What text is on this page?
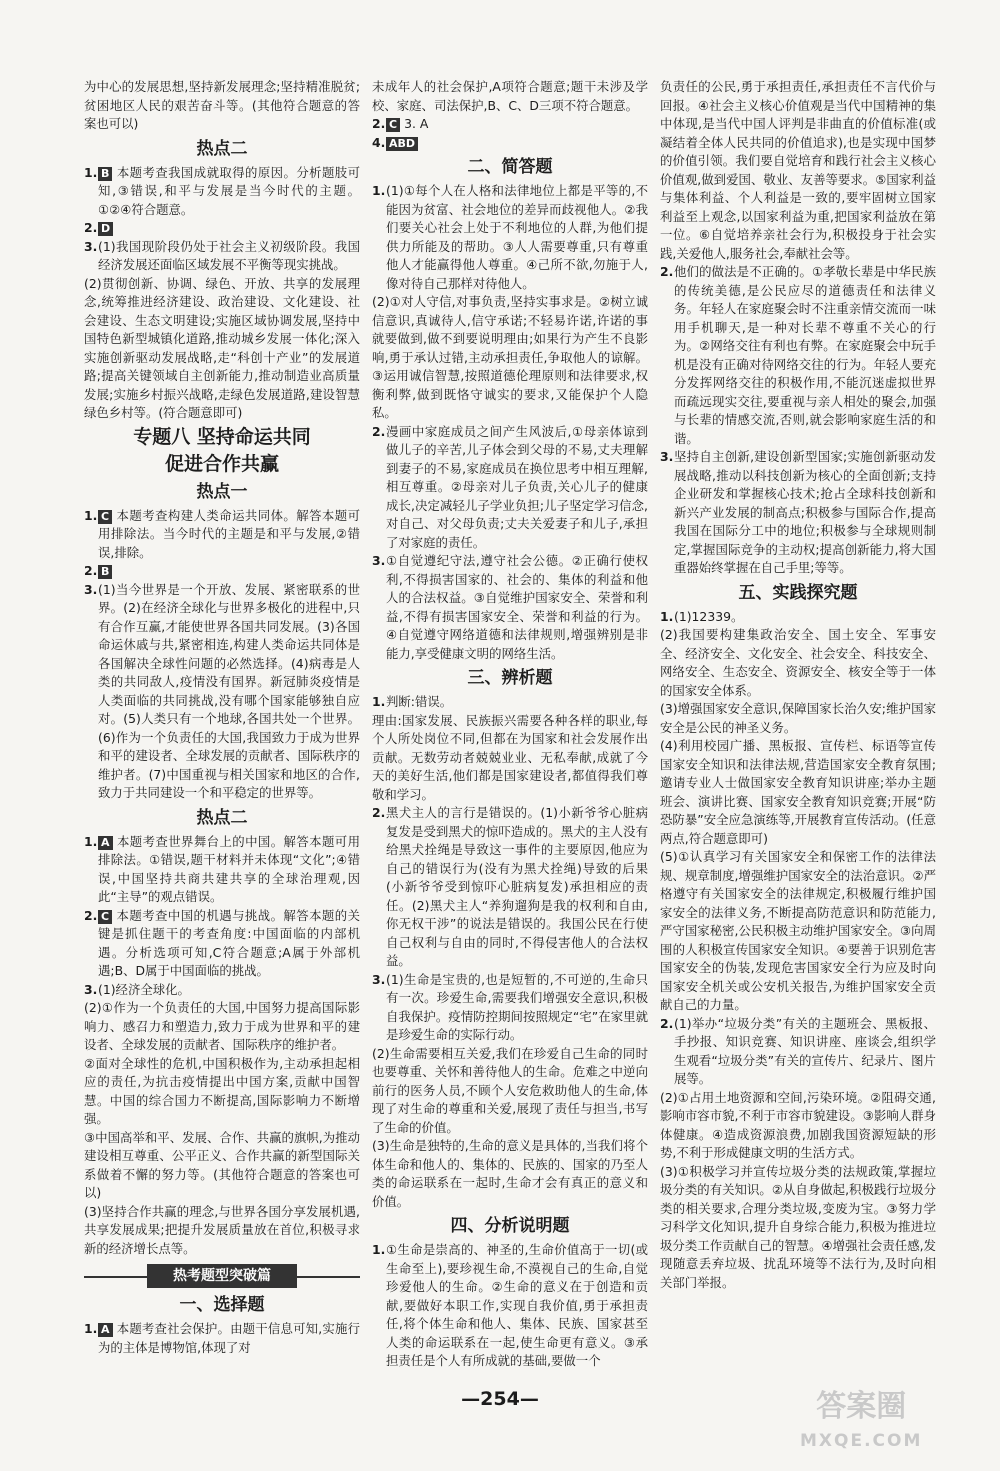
为中心的发展思想,坚持新发展理念;坚持精准脱贫;贫困地区人民的艰苦奋斗等。(其他符合题意的答案也可以)
热点二
1. B 本题考查我国成就取得的原因。分析题肢可知,③错误,和平与发展是当今时代的主题。①②④符合题意。
2. D
3. (1)我国现阶段仍处于社会主义初级阶段。我国经济发展还面临区域发展不平衡等现实挑战。
(2)贯彻创新、协调、绿色、开放、共享的发展理念,统筹推进经济建设、政治建设、文化建设、社会建设、生态文明建设;实施区域协调发展,坚持中国特色新型城镇化道路,推动城乡发展一体化;深入实施创新驱动发展战略,走“科创十产业”的发展道路;提高关键领域自主创新能力,推动制造业高质量发展;实施乡村振兴战略,走绿色发展道路,建设智慧绿色乡村等。(符合题意即可)
专题八 坚持命运共同
促进合作共赢
热点一
1. C 本题考查构建人类命运共同体。解答本题可用排除法。当今时代的主题是和平与发展,②错误,排除。
2. B
3. (1)当今世界是一个开放、发展、紧密联系的世界。(2)在经济全球化与世界多极化的进程中,只有合作互赢,才能使世界各国共同发展。(3)各国命运休戚与共,紧密相连,构建人类命运共同体是各国解决全球性问题的必然选择。(4)病毒是人类的共同敌人,疫情没有国界。新冠肺炎疫情是人类面临的共同挑战,没有哪个国家能够独自应对。(5)人类只有一个地球,各国共处一个世界。(6)作为一个负责任的大国,我国致力于成为世界和平的建设者、全球发展的贡献者、国际秩序的维护者。(7)中国重视与相关国家和地区的合作,致力于共同建设一个和平稳定的世界等。
热点二
1. A 本题考查世界舞台上的中国。解答本题可用排除法。①错误,题干材料并未体现“文化”;④错误,中国坚持共商共建共享的全球治理观,因此“主导”的观点错误。
2. C 本题考查中国的机遇与挑战。解答本题的关键是抓住题干的考查角度:中国面临的内部机遇。分析选项可知,C符合题意;A属于外部机遇;B、D属于中国面临的挑战。
3. (1)经济全球化。
(2)①作为一个负责任的大国,中国努力提高国际影响力、感召力和塑造力,致力于成为世界和平的建设者、全球发展的贡献者、国际秩序的维护者。
②面对全球性的危机,中国积极作为,主动承担起相应的责任,为抗击疫情提出中国方案,贡献中国智慧。中国的综合国力不断提高,国际影响力不断增强。
③中国高举和平、发展、合作、共赢的旗帜,为推动建设相互尊重、公平正义、合作共赢的新型国际关系做着不懈的努力等。(其他符合题意的答案也可以)
(3)坚持合作共赢的理念,与世界各国分享发展机遇,共享发展成果;把提升发展质量放在首位,积极寻求新的经济增长点等。
热考题型突破篇
一、选择题
1. A 本题考查社会保护。由题干信息可知,实施行为的主体是博物馆,体现了对
未成年人的社会保护,A项符合题意;题干未涉及学校、家庭、司法保护,B、C、D三项不符合题意。
2. C 3. A
4. ABD
二、简答题
1. (1)①每个人在人格和法律地位上都是平等的,不能因为贫富、社会地位的差异而歧视他人。②我们要关心社会上处于不利地位的人群,为他们提供力所能及的帮助。③人人需要尊重,只有尊重他人才能赢得他人尊重。④己所不欲,勿施于人,像对待自己那样对待他人。
(2)①对人守信,对事负责,坚持实事求是。②树立诚信意识,真诚待人,信守承诺;不轻易许诺,许诺的事就要做到,做不到要说明理由;如果行为产生不良影响,勇于承认过错,主动承担责任,争取他人的谅解。③运用诚信智慧,按照道德伦理原则和法律要求,权衡利弊,做到既恪守诚实的要求,又能保护个人隐私。
2. 漫画中家庭成员之间产生风波后,①母亲体谅到做儿子的辛苦,儿子体会到父母的不易,丈夫理解到妻子的不易,家庭成员在换位思考中相互理解,相互尊重。②母亲对儿子负责,关心儿子的健康成长,决定减轻儿子学业负担;儿子坚定学习信念,对自己、对父母负责;丈夫关爱妻子和儿子,承担了对家庭的责任。
3. ①自觉遵纪守法,遵守社会公德。②正确行使权利,不得损害国家的、社会的、集体的利益和他人的合法权益。③自觉维护国家安全、荣誉和利益,不得有损害国家安全、荣誉和利益的行为。④自觉遵守网络道德和法律规则,增强辨别是非能力,享受健康文明的网络生活。
三、辨析题
1. 判断:错误。
理由:国家发展、民族振兴需要各种各样的职业,每个人所处岗位不同,但都在为国家和社会发展作出贡献。无数劳动者兢兢业业、无私奉献,成就了今天的美好生活,他们都是国家建设者,都值得我们尊敬和学习。
2. 黑犬主人的言行是错误的。(1)小新爷爷心脏病复发是受到黑犬的惊吓造成的。黑犬的主人没有给黑犬拴绳是导致这一事件的主要原因,他应为自己的错误行为(没有为黑犬拴绳)导致的后果(小新爷爷受到惊吓心脏病复发)承担相应的责任。(2)黑犬主人“养狗遛狗是我的权利和自由,你无权干涉”的说法是错误的。我国公民在行使自己权利与自由的同时,不得侵害他人的合法权益。
3. (1)生命是宝贵的,也是短暂的,不可逆的,生命只有一次。珍爱生命,需要我们增强安全意识,积极自我保护。疫情防控期间按照规定“宅”在家里就是珍爱生命的实际行动。
(2)生命需要相互关爱,我们在珍爱自己生命的同时也要尊重、关怀和善待他人的生命。危难之中逆向前行的医务人员,不顾个人安危救助他人的生命,体现了对生命的尊重和关爱,展现了责任与担当,书写了生命的价值。
(3)生命是独特的,生命的意义是具体的,当我们将个体生命和他人的、集体的、民族的、国家的乃至人类的命运联系在一起时,生命才会有真正的意义和价值。
四、分析说明题
1. ①生命是崇高的、神圣的,生命价值高于一切(或生命至上),要珍视生命,不漠视自己的生命,自觉珍爱他人的生命。②生命的意义在于创造和贡献,要做好本职工作,实现自我价值,勇于承担责任,将个体生命和他人、集体、民族、国家甚至人类的命运联系在一起,使生命更有意义。③承担责任是个人有所成就的基础,要做一个
负责任的公民,勇于承担责任,承担责任不言代价与回报。④社会主义核心价值观是当代中国精神的集中体现,是当代中国人评判是非曲直的价值标准(或凝结着全体人民共同的价值追求),也是实现中国梦的价值引领。我们要自觉培育和践行社会主义核心价值观,做到爱国、敬业、友善等要求。⑤国家利益与集体利益、个人利益是一致的,要牢固树立国家利益至上观念,以国家利益为重,把国家利益放在第一位。⑥自觉培养亲社会行为,积极投身于社会实践,关爱他人,服务社会,奉献社会等。
2. 他们的做法是不正确的。①孝敬长辈是中华民族的传统美德,是公民应尽的道德责任和法律义务。年轻人在家庭聚会时不注重亲情交流而一味用手机聊天,是一种对长辈不尊重不关心的行为。②网络交往有利也有弊。在家庭聚会中玩手机是没有正确对待网络交往的行为。年轻人要充分发挥网络交往的积极作用,不能沉迷虚拟世界而疏远现实交往,要重视与亲人相处的聚会,加强与长辈的情感交流,否则,就会影响家庭生活的和谐。
3. 坚持自主创新,建设创新型国家;实施创新驱动发展战略,推动以科技创新为核心的全面创新;支持企业研发和掌握核心技术;抢占全球科技创新和新兴产业发展的制高点;积极参与国际合作,提高我国在国际分工中的地位;积极参与全球规则制定,掌握国际竞争的主动权;提高创新能力,将大国重器始终掌握在自己手里;等等。
五、实践探究题
1. (1)12339。
(2)我国要构建集政治安全、国土安全、军事安全、经济安全、文化安全、社会安全、科技安全、网络安全、生态安全、资源安全、核安全等于一体的国家安全体系。
(3)增强国家安全意识,保障国家长治久安;维护国家安全是公民的神圣义务。
(4)利用校园广播、黑板报、宣传栏、标语等宣传国家安全知识和法律法规,营造国家安全教育氛围;邀请专业人士做国家安全教育知识讲座;举办主题班会、演讲比赛、国家安全教育知识竞赛;开展“防恐防暴”安全应急演练等,开展教育宣传活动。(任意两点,符合题意即可)
(5)①认真学习有关国家安全和保密工作的法律法规、规章制度,增强维护国家安全的法治意识。②严格遵守有关国家安全的法律规定,积极履行维护国家安全的法律义务,不断提高防范意识和防范能力,严守国家秘密,公民积极主动维护国家安全。③向周围的人积极宣传国家安全知识。④要善于识别危害国家安全的伪装,发现危害国家安全行为应及时向国家安全机关或公安机关报告,为维护国家安全贡献自己的力量。
2. (1)举办“垃圾分类”有关的主题班会、黑板报、手抄报、知识竞赛、知识讲座、座谈会,组织学生观看“垃圾分类”有关的宣传片、纪录片、图片展等。
(2)①占用土地资源和空间,污染环境。②阻碍交通,影响市容市貌,不利于市容市貌建设。③影响人群身体健康。④造成资源浪费,加剧我国资源短缺的形势,不利于形成健康文明的生活方式。
(3)①积极学习并宣传垃圾分类的法规政策,掌握垃圾分类的有关知识。②从自身做起,积极践行垃圾分类的相关要求,合理分类垃圾,变废为宝。③努力学习科学文化知识,提升自身综合能力,积极为推进垃圾分类工作贡献自己的智慧。④增强社会责任感,发现随意丢弃垃圾、扰乱环境等不法行为,及时向相关部门举报。
—254—	答案圈
MXQE.COM
